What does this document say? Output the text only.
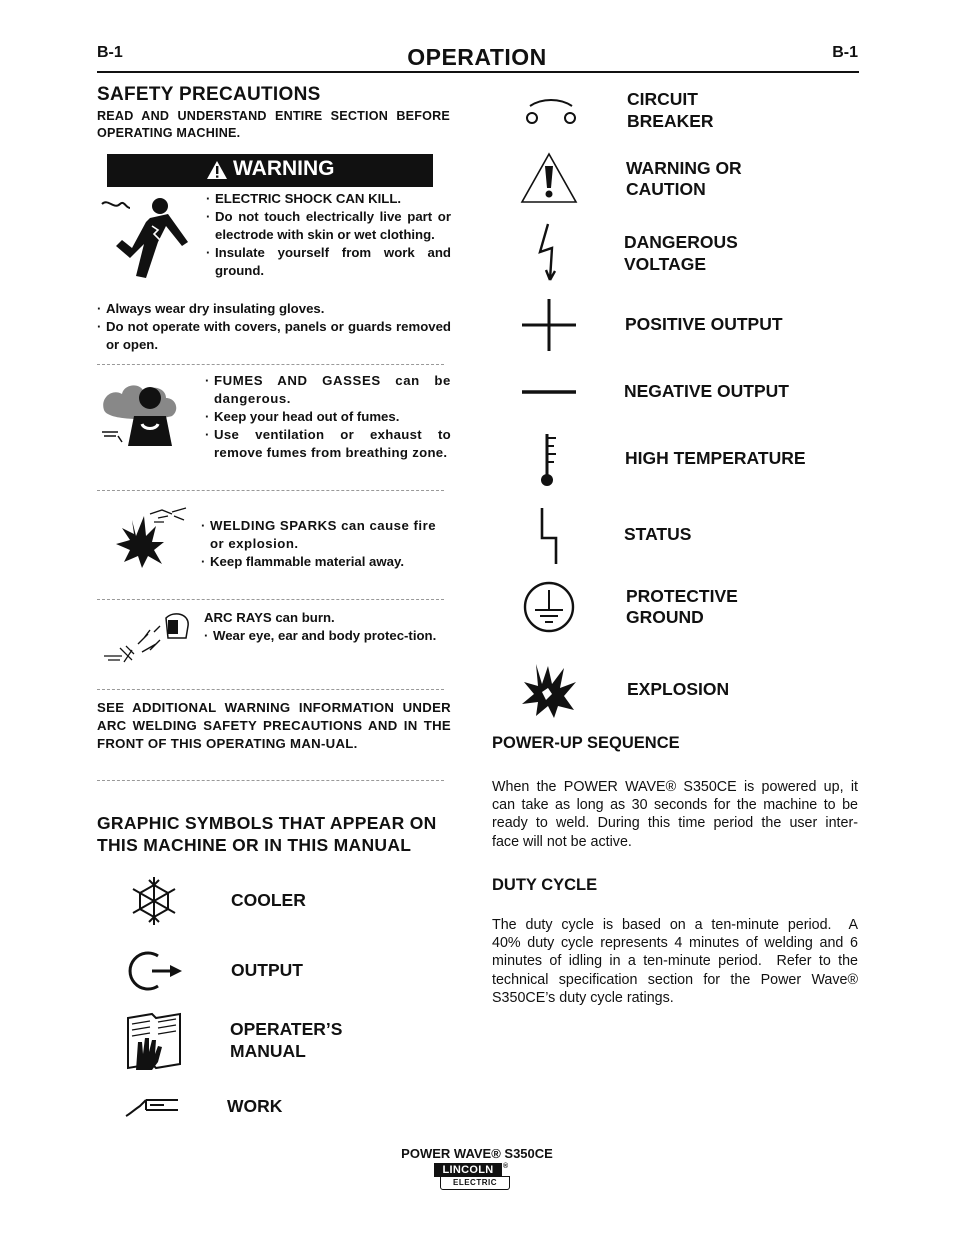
B-1	OPERATION	B-1
SAFETY PRECAUTIONS
READ AND UNDERSTAND ENTIRE SECTION BEFORE OPERATING MACHINE.
WARNING
· ELECTRIC SHOCK CAN KILL.
· Do not touch electrically live part or electrode with skin or wet clothing.
· Insulate yourself from work and ground.
· Always wear dry insulating gloves.
· Do not operate with covers, panels or guards removed or open.
· FUMES AND GASSES can be dangerous.
· Keep your head out of fumes.
· Use ventilation or exhaust to remove fumes from breathing zone.
· WELDING SPARKS can cause fire or explosion.
· Keep flammable material away.
ARC RAYS can burn.
· Wear eye, ear and body protec-tion.
SEE ADDITIONAL WARNING INFORMATION UNDER ARC WELDING SAFETY PRECAUTIONS AND IN THE FRONT OF THIS OPERATING MAN-UAL.
GRAPHIC SYMBOLS THAT APPEAR ON THIS MACHINE OR IN THIS MANUAL
COOLER
OUTPUT
OPERATER’S
MANUAL
WORK
CIRCUIT
BREAKER
WARNING OR
CAUTION
DANGEROUS
VOLTAGE
POSITIVE OUTPUT
NEGATIVE OUTPUT
HIGH TEMPERATURE
STATUS
PROTECTIVE
GROUND
EXPLOSION
POWER-UP SEQUENCE
When the POWER WAVE® S350CE is powered up, it
can take as long as 30 seconds for the machine to be
ready to weld. During this time period the user inter-
face will not be active.
DUTY CYCLE
The duty cycle is based on a ten-minute period.  A
40% duty cycle represents 4 minutes of welding and 6
minutes of idling in a ten-minute period.  Refer to the
technical specification section for the Power Wave®
S350CE’s duty cycle ratings.
POWER WAVE® S350CE
LINCOLN	®
ELECTRIC
